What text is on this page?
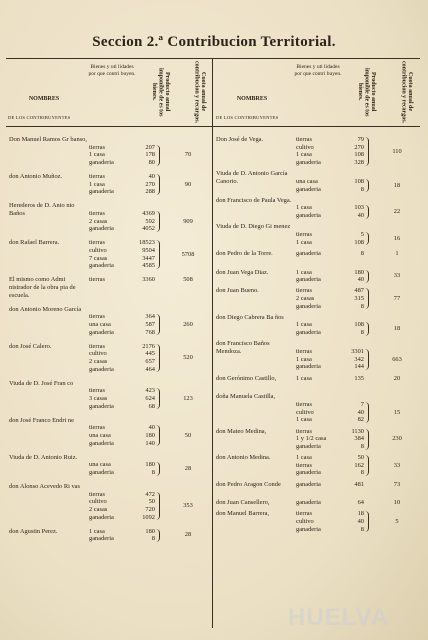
Seccion 2.ª Contribucion Territorial.
NOMBRES
DE LOS CONTRIBUYENTES
Bienes y uti lidades por que contri buyen.	Producto anual imponible de es tos bienes.	Cuota anual de contribucion y recargos.	NOMBRES
DE LOS CONTRIBUYENTES
Bienes y uti lidades por que contri buyen.	Producto anual imponible de es tos bienes.	Cuota anual de contribucion y recargos.
Don Manuel Ramos Gr banso,
tierras	207
1 casa	178
ganaderia	80
70
don Antonio Muñoz.	tierras	40
1 casa	270
ganaderia	288
90
Herederos de D. Anto nio Baños	tierras	4369
2 casas	592
ganaderia	4052
909
don Rafael Barrera.	tierras	18523
cultivo	9504
7 casas	3447
ganaderia	4585
5708
El mismo como Admi nistrador de la obra pia de escuela.
tierras	3360	508
don Antonio Moreno García
tierras	364
una casa	587
ganaderia	768
260
don José Calero.	tierras	2176
cultivo	445
2 casas	657
ganaderia	464
520
Viuda de D. José Fran co
tierras	423
3 casas	624
ganaderia	68
123
don José Franco Endri ne
tierras	40
una casa	180
ganaderia	140
50
Viuda de D. Antonio Ruiz.
una casa	180
ganaderia	8
28
don Alonso Acevedo Ri vas
tierras	472
cultivo	50
2 casas	720
ganaderia	1092
353
don Agustin Perez.	1 casa	180
ganaderia	8
28
Don José de Vega.	tierras	79
cultivo	270
1 casa	108
ganaderia	328
110
Viuda de D. Antonio García Canorio.	una casa	108
ganaderia	8
18
don Francisco de Paula Vega.
1 casa	103
ganaderia	40
22
Viuda de D. Diego Gi menez
tierras	5
1 casa	108
16
don Pedro de la Torre.	ganaderia	8	1
don Juan Vega Diaz.	1 casa	180
ganaderia	40
33
don Juan Bueno.	tierras	487
2 casas	315
ganaderia	8
77
don Diego Cabrera Ba ños
1 casa	108
ganaderia	8
18
don Francisco Baños Mendoza.	tierras	3301
1 casa	342
ganaderia	144
663
don Gerónimo Castillo,	1 casa	135	20
doña Manuela Castilla,
tierras	7
cultivo	40
1 casa	82
15
don Mateo Medina,	tierras	1130
1 y 1/2 casa	384
ganaderia	8
230
don Antonio Medina.	1 casa	50
tierras	162
ganaderia	8
33
don Pedro Aragon Conde	ganaderia	481	73
don Juan Cansellero,	ganaderia	64	10
don Manuel Barrera,	tierras	18
cultivo	40
ganaderia	8
5
HUELVA
